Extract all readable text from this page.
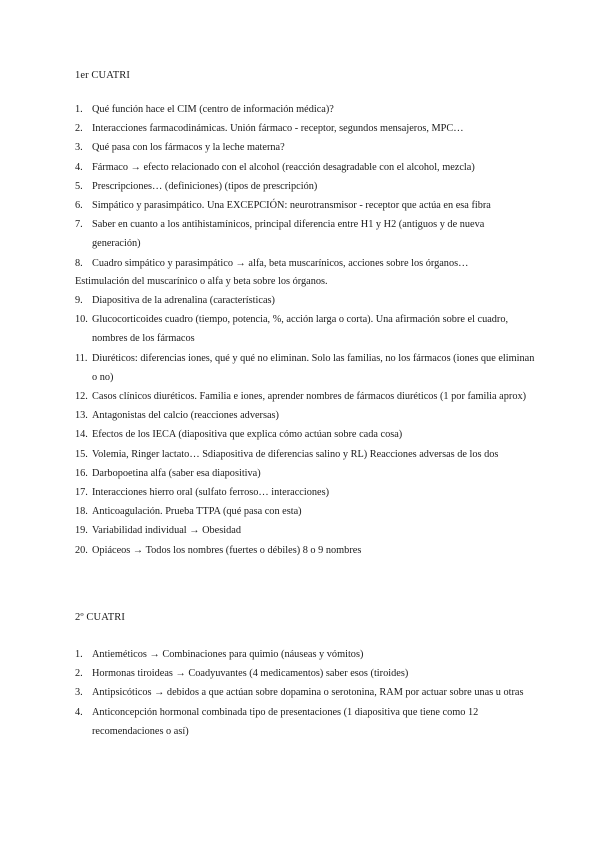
1er CUATRI
1. Qué función hace el CIM (centro de información médica)?
2. Interacciones farmacodinámicas. Unión fármaco - receptor, segundos mensajeros, MPC…
3. Qué pasa con los fármacos y la leche materna?
4. Fármaco → efecto relacionado con el alcohol (reacción desagradable con el alcohol, mezcla)
5. Prescripciones… (definiciones) (tipos de prescripción)
6. Simpático y parasimpático. Una EXCEPCIÓN: neurotransmisor - receptor que actúa en esa fibra
7. Saber en cuanto a los antihistamínicos, principal diferencia entre H1 y H2 (antiguos y de nueva generación)
8. Cuadro simpático y parasimpático → alfa, beta muscarínicos, acciones sobre los órganos…
Estimulación del muscarínico o alfa y beta sobre los órganos.
9. Diapositiva de la adrenalina (características)
10. Glucocorticoides cuadro (tiempo, potencia, %, acción larga o corta). Una afirmación sobre el cuadro, nombres de los fármacos
11. Diuréticos: diferencias iones, qué y qué no eliminan. Solo las familias, no los fármacos (iones que eliminan o no)
12. Casos clínicos diuréticos. Familia e iones, aprender nombres de fármacos diuréticos (1 por familia aprox)
13. Antagonistas del calcio (reacciones adversas)
14. Efectos de los IECA (diapositiva que explica cómo actúan sobre cada cosa)
15. Volemia, Ringer lactato… Sdiapositiva de diferencias salino y RL) Reacciones adversas de los dos
16. Darbopoetina alfa (saber esa diapositiva)
17. Interacciones hierro oral (sulfato ferroso… interacciones)
18. Anticoagulación. Prueba TTPA (qué pasa con esta)
19. Variabilidad individual → Obesidad
20. Opiáceos → Todos los nombres (fuertes o débiles) 8 o 9 nombres
2º CUATRI
1. Antieméticos → Combinaciones para quimio (náuseas y vómitos)
2. Hormonas tiroideas → Coadyuvantes (4 medicamentos) saber esos (tiroides)
3. Antipsicóticos → debidos a que actúan sobre dopamina o serotonina, RAM por actuar sobre unas u otras
4. Anticoncepción hormonal combinada tipo de presentaciones (1 diapositiva que tiene como 12 recomendaciones o así)
